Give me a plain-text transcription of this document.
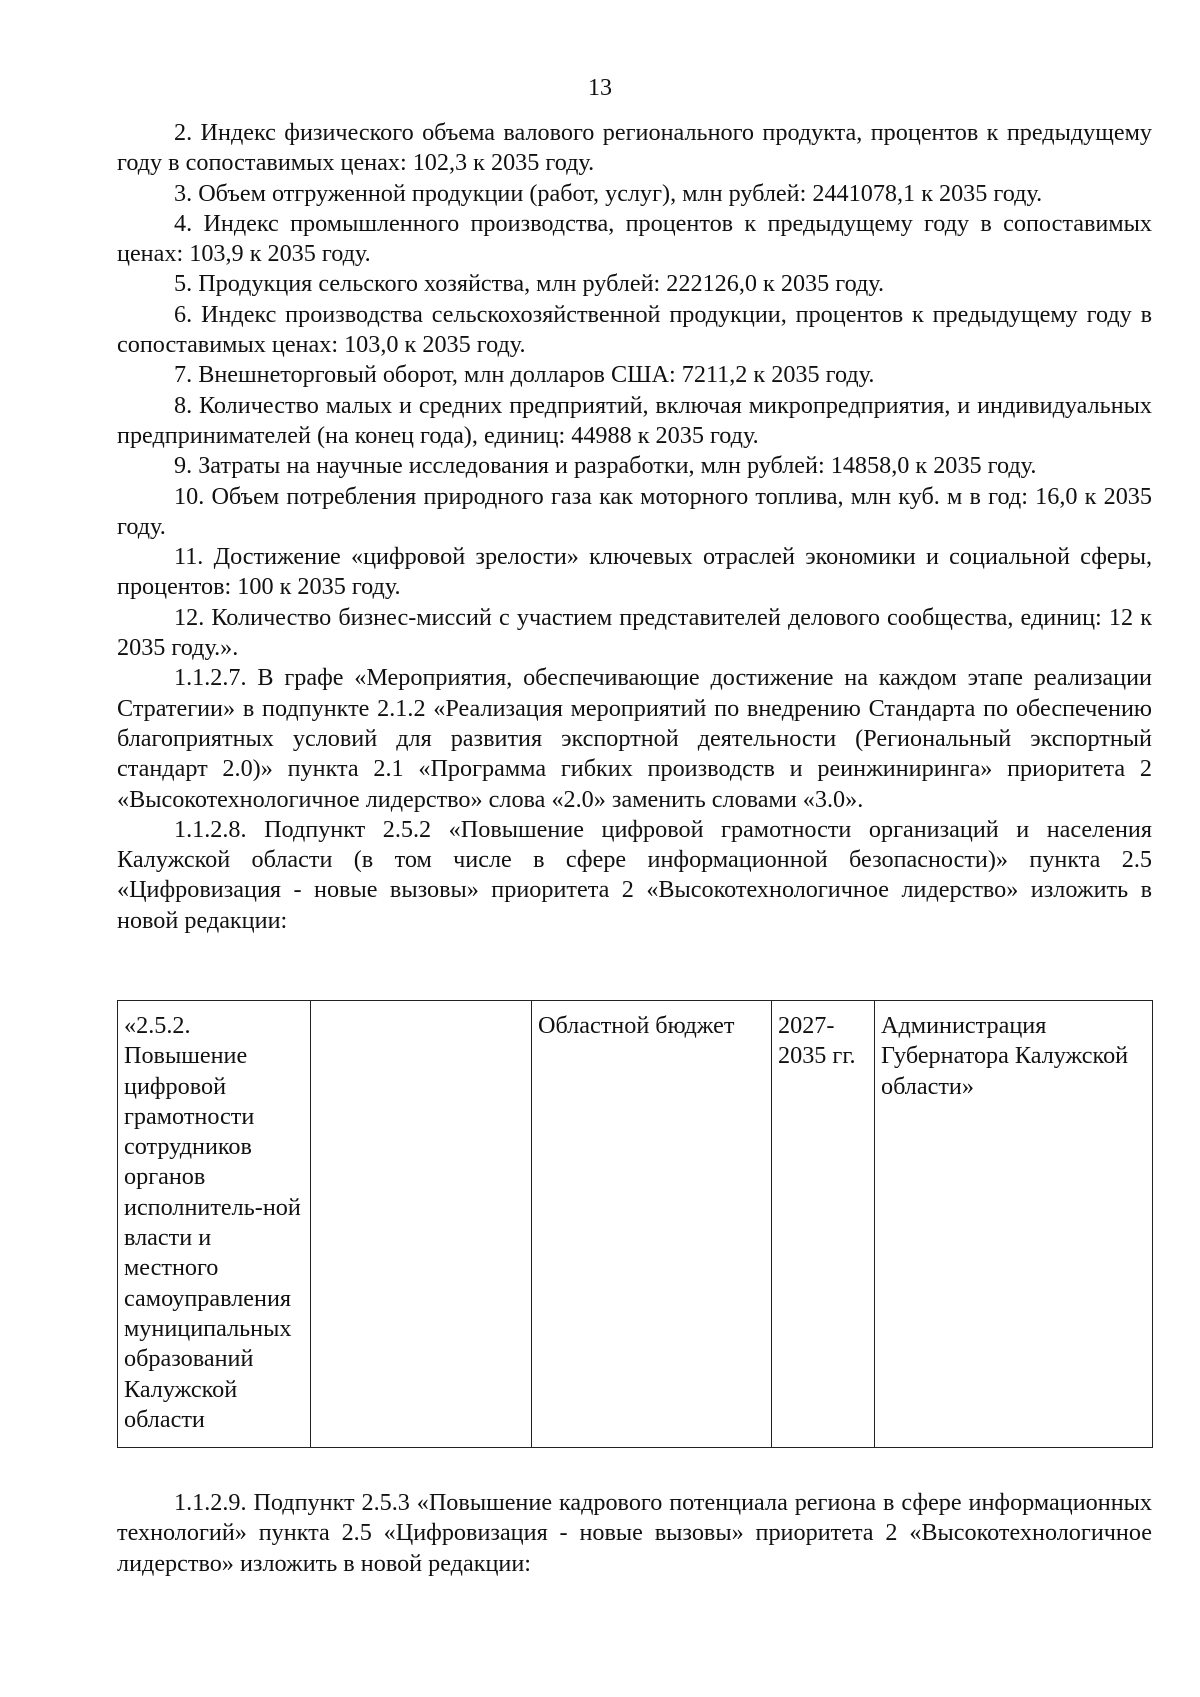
13

2. Индекс физического объема валового регионального продукта, процентов к предыдущему году в сопоставимых ценах: 102,3 к 2035 году.

3. Объем отгруженной продукции (работ, услуг), млн рублей: 2441078,1 к 2035 году.

4. Индекс промышленного производства, процентов к предыдущему году в сопоставимых ценах: 103,9 к 2035 году.

5. Продукция сельского хозяйства, млн рублей: 222126,0 к 2035 году.

6. Индекс производства сельскохозяйственной продукции, процентов к предыдущему году в сопоставимых ценах: 103,0 к 2035 году.

7. Внешнеторговый оборот, млн долларов США: 7211,2 к 2035 году.

8. Количество малых и средних предприятий, включая микропредприятия, и индивидуальных предпринимателей (на конец года), единиц: 44988 к 2035 году.

9. Затраты на научные исследования и разработки, млн рублей: 14858,0 к 2035 году.

10. Объем потребления природного газа как моторного топлива, млн куб. м в год: 16,0 к 2035 году.

11. Достижение «цифровой зрелости» ключевых отраслей экономики и социальной сферы, процентов: 100 к 2035 году.

12. Количество бизнес-миссий с участием представителей делового сообщества, единиц: 12 к 2035 году.».

1.1.2.7. В графе «Мероприятия, обеспечивающие достижение на каждом этапе реализации Стратегии» в подпункте 2.1.2 «Реализация мероприятий по внедрению Стандарта по обеспечению благоприятных условий для развития экспортной деятельности (Региональный экспортный стандарт 2.0)» пункта 2.1 «Программа гибких производств и реинжиниринга» приоритета 2 «Высокотехнологичное лидерство» слова «2.0» заменить словами «3.0».

1.1.2.8. Подпункт 2.5.2 «Повышение цифровой грамотности организаций и населения Калужской области (в том числе в сфере информационной безопасности)» пункта 2.5 «Цифровизация - новые вызовы» приоритета 2 «Высокотехнологичное лидерство» изложить в новой редакции:

«2.5.2. Повышение цифровой грамотности сотрудников органов исполнитель-ной власти и местного самоуправления муниципальных образований Калужской области		Областной бюджет	2027-2035 гг.	Администрация Губернатора Калужской области»

1.1.2.9. Подпункт 2.5.3 «Повышение кадрового потенциала региона в сфере информационных технологий» пункта 2.5 «Цифровизация - новые вызовы» приоритета 2 «Высокотехнологичное лидерство» изложить в новой редакции:
